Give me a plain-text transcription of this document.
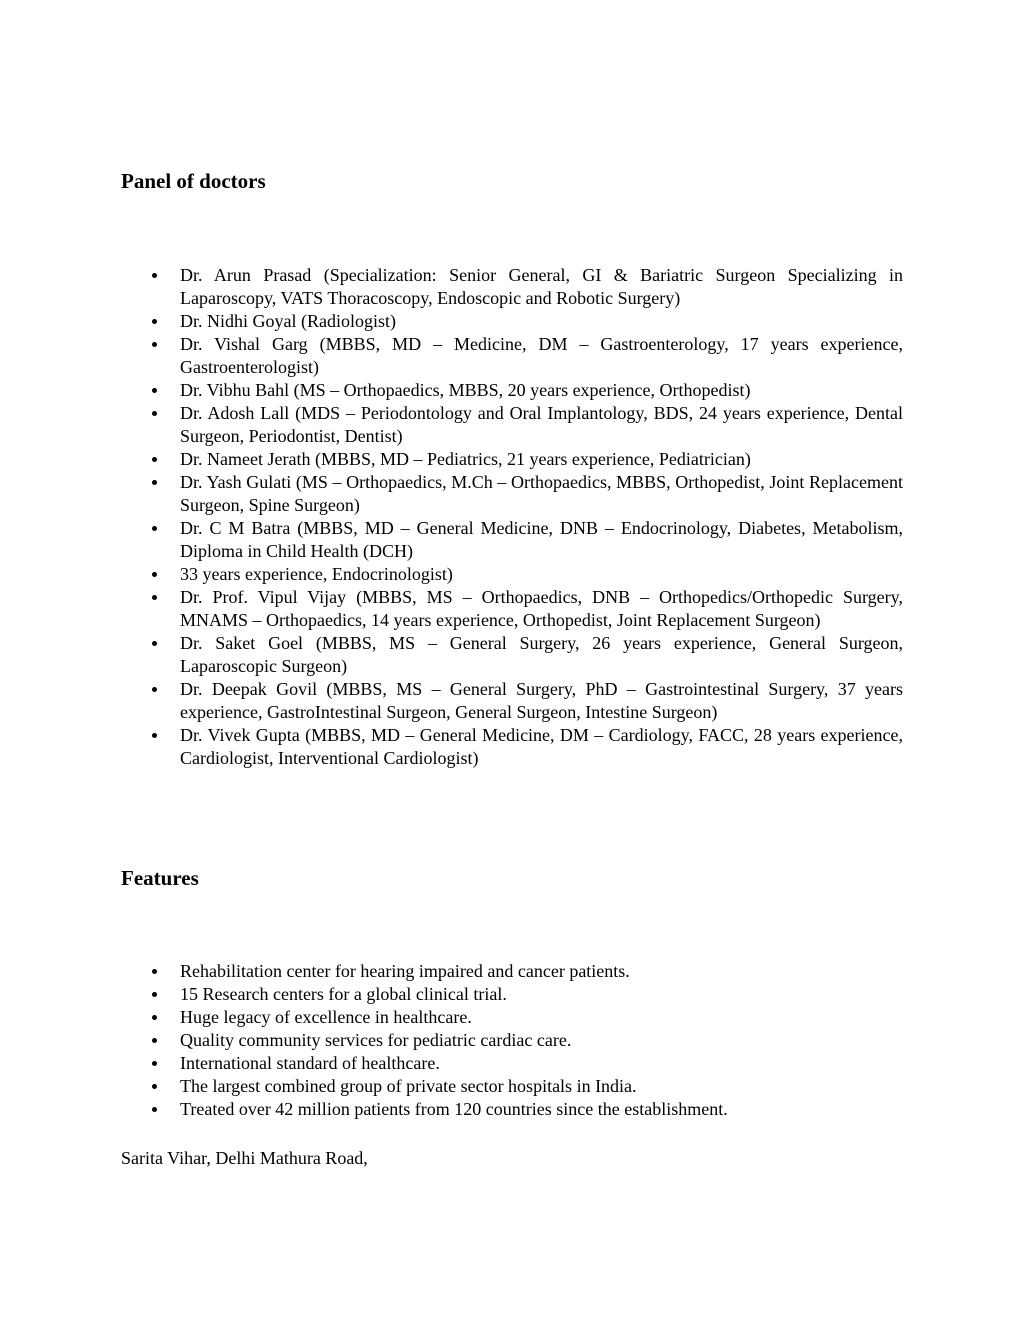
Panel of doctors
Dr. Arun Prasad (Specialization: Senior General, GI & Bariatric Surgeon Specializing in Laparoscopy, VATS Thoracoscopy, Endoscopic and Robotic Surgery)
Dr. Nidhi Goyal (Radiologist)
Dr. Vishal Garg (MBBS, MD – Medicine, DM – Gastroenterology, 17 years experience, Gastroenterologist)
Dr. Vibhu Bahl (MS – Orthopaedics, MBBS, 20 years experience, Orthopedist)
Dr. Adosh Lall (MDS – Periodontology and Oral Implantology, BDS, 24 years experience, Dental Surgeon, Periodontist, Dentist)
Dr. Nameet Jerath (MBBS, MD – Pediatrics, 21 years experience, Pediatrician)
Dr. Yash Gulati (MS – Orthopaedics, M.Ch – Orthopaedics, MBBS, Orthopedist, Joint Replacement Surgeon, Spine Surgeon)
Dr. C M Batra (MBBS, MD – General Medicine, DNB – Endocrinology, Diabetes, Metabolism, Diploma in Child Health (DCH)
33 years experience, Endocrinologist)
Dr. Prof. Vipul Vijay (MBBS, MS – Orthopaedics, DNB – Orthopedics/Orthopedic Surgery, MNAMS – Orthopaedics, 14 years experience, Orthopedist, Joint Replacement Surgeon)
Dr. Saket Goel (MBBS, MS – General Surgery, 26 years experience, General Surgeon, Laparoscopic Surgeon)
Dr. Deepak Govil (MBBS, MS – General Surgery, PhD – Gastrointestinal Surgery, 37 years experience, GastroIntestinal Surgeon, General Surgeon, Intestine Surgeon)
Dr. Vivek Gupta (MBBS, MD – General Medicine, DM – Cardiology, FACC, 28 years experience, Cardiologist, Interventional Cardiologist)
Features
Rehabilitation center for hearing impaired and cancer patients.
15 Research centers for a global clinical trial.
Huge legacy of excellence in healthcare.
Quality community services for pediatric cardiac care.
International standard of healthcare.
The largest combined group of private sector hospitals in India.
Treated over 42 million patients from 120 countries since the establishment.

Sarita Vihar, Delhi Mathura Road,
